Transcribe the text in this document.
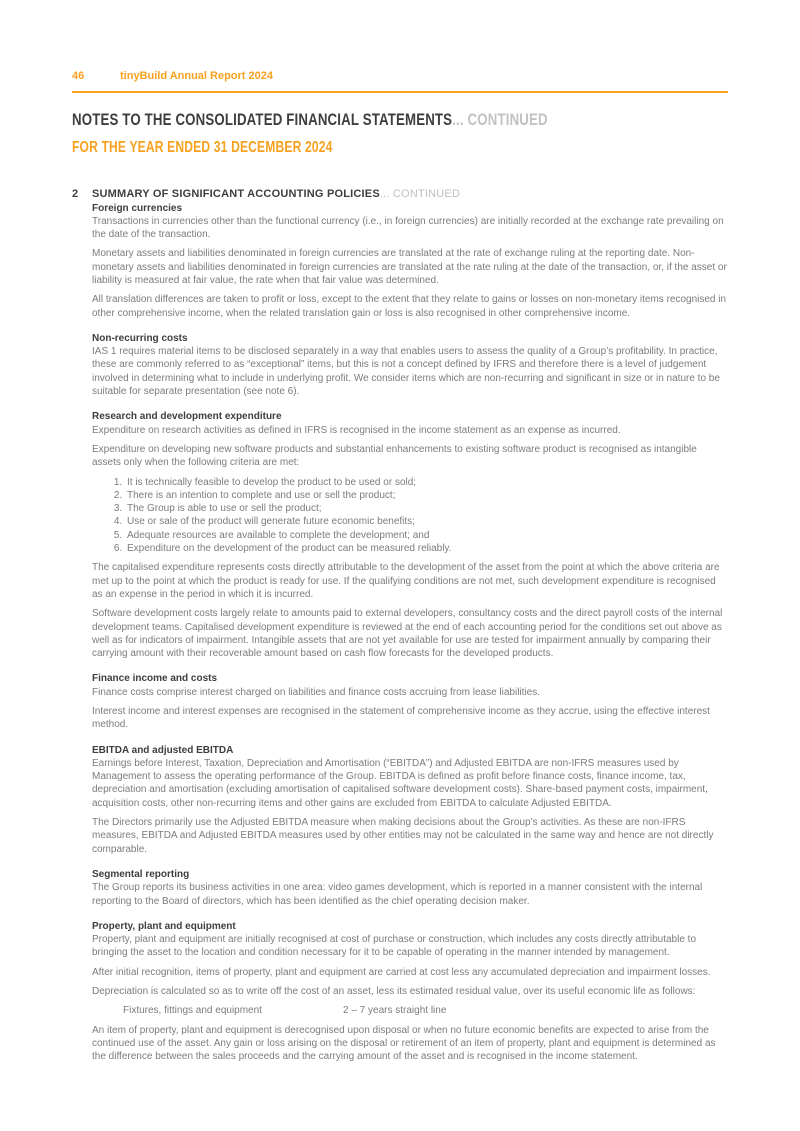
46	tinyBuild Annual Report 2024
NOTES TO THE CONSOLIDATED FINANCIAL STATEMENTS... CONTINUED
FOR THE YEAR ENDED 31 DECEMBER 2024
2	SUMMARY OF SIGNIFICANT ACCOUNTING POLICIES... CONTINUED
Foreign currencies

Transactions in currencies other than the functional currency (i.e., in foreign currencies) are initially recorded at the exchange rate prevailing on the date of the transaction.

Monetary assets and liabilities denominated in foreign currencies are translated at the rate of exchange ruling at the reporting date. Non-monetary assets and liabilities denominated in foreign currencies are translated at the rate ruling at the date of the transaction, or, if the asset or liability is measured at fair value, the rate when that fair value was determined.

All translation differences are taken to profit or loss, except to the extent that they relate to gains or losses on non-monetary items recognised in other comprehensive income, when the related translation gain or loss is also recognised in other comprehensive income.

Non-recurring costs

IAS 1 requires material items to be disclosed separately in a way that enables users to assess the quality of a Group’s profitability. In practice, these are commonly referred to as “exceptional” items, but this is not a concept defined by IFRS and therefore there is a level of judgement involved in determining what to include in underlying profit. We consider items which are non-recurring and significant in size or in nature to be suitable for separate presentation (see note 6).

Research and development expenditure

Expenditure on research activities as defined in IFRS is recognised in the income statement as an expense as incurred.

Expenditure on developing new software products and substantial enhancements to existing software product is recognised as intangible assets only when the following criteria are met:

1. It is technically feasible to develop the product to be used or sold;
2. There is an intention to complete and use or sell the product;
3. The Group is able to use or sell the product;
4. Use or sale of the product will generate future economic benefits;
5. Adequate resources are available to complete the development; and
6. Expenditure on the development of the product can be measured reliably.

The capitalised expenditure represents costs directly attributable to the development of the asset from the point at which the above criteria are met up to the point at which the product is ready for use. If the qualifying conditions are not met, such development expenditure is recognised as an expense in the period in which it is incurred.

Software development costs largely relate to amounts paid to external developers, consultancy costs and the direct payroll costs of the internal development teams. Capitalised development expenditure is reviewed at the end of each accounting period for the conditions set out above as well as for indicators of impairment. Intangible assets that are not yet available for use are tested for impairment annually by comparing their carrying amount with their recoverable amount based on cash flow forecasts for the developed products.

Finance income and costs

Finance costs comprise interest charged on liabilities and finance costs accruing from lease liabilities.

Interest income and interest expenses are recognised in the statement of comprehensive income as they accrue, using the effective interest method.

EBITDA and adjusted EBITDA

Earnings before Interest, Taxation, Depreciation and Amortisation (“EBITDA”) and Adjusted EBITDA are non-IFRS measures used by Management to assess the operating performance of the Group. EBITDA is defined as profit before finance costs, finance income, tax, depreciation and amortisation (excluding amortisation of capitalised software development costs). Share-based payment costs, impairment, acquisition costs, other non-recurring items and other gains are excluded from EBITDA to calculate Adjusted EBITDA.

The Directors primarily use the Adjusted EBITDA measure when making decisions about the Group’s activities. As these are non-IFRS measures, EBITDA and Adjusted EBITDA measures used by other entities may not be calculated in the same way and hence are not directly comparable.

Segmental reporting

The Group reports its business activities in one area: video games development, which is reported in a manner consistent with the internal reporting to the Board of directors, which has been identified as the chief operating decision maker.

Property, plant and equipment

Property, plant and equipment are initially recognised at cost of purchase or construction, which includes any costs directly attributable to bringing the asset to the location and condition necessary for it to be capable of operating in the manner intended by management.

After initial recognition, items of property, plant and equipment are carried at cost less any accumulated depreciation and impairment losses.

Depreciation is calculated so as to write off the cost of an asset, less its estimated residual value, over its useful economic life as follows:

Fixtures, fittings and equipment	2 – 7 years straight line

An item of property, plant and equipment is derecognised upon disposal or when no future economic benefits are expected to arise from the continued use of the asset. Any gain or loss arising on the disposal or retirement of an item of property, plant and equipment is determined as the difference between the sales proceeds and the carrying amount of the asset and is recognised in the income statement.
